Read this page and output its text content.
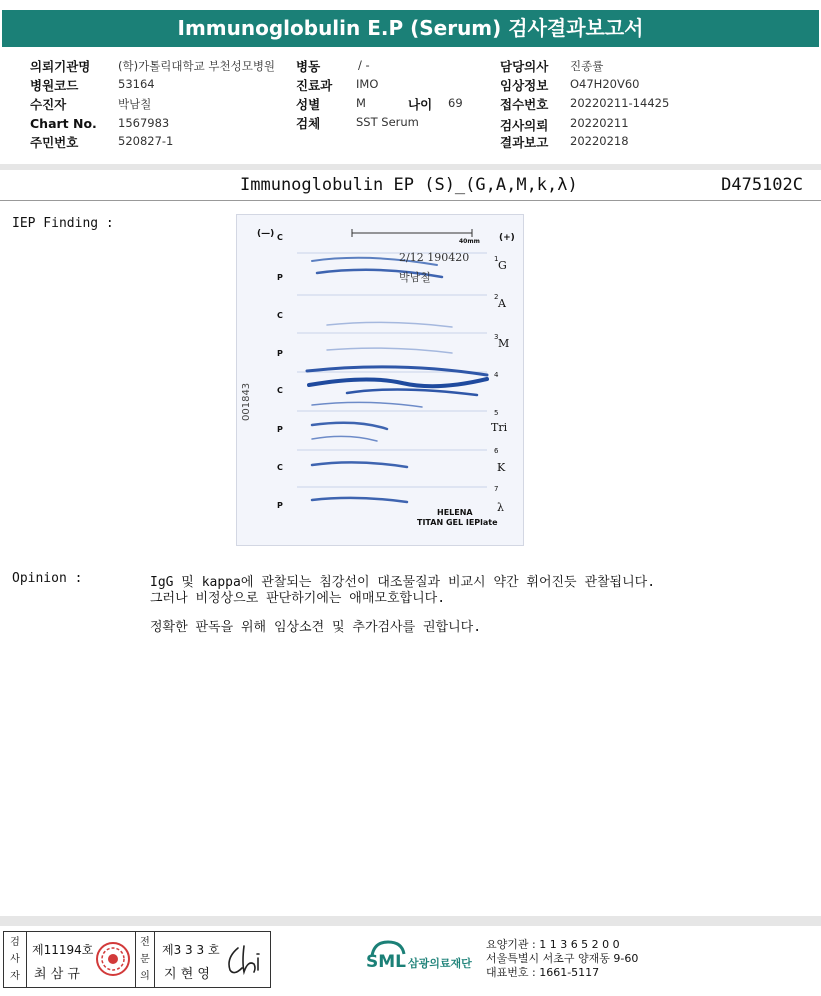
Immunoglobulin E.P (Serum) 검사결과보고서
의뢰기관명 (학)가톨릭대학교 부천성모병원 병동	/ -	담당의사 진종률
병원코드	53164	진료과 IMO	임상정보 O47H20V60
수진자	박남칠	성별	M	나이 69	접수번호 20220211-14425
Chart No. 1567983	검체	SST Serum	검사의뢰 20220211
주민번호	520827-1	결과보고 20220218
Immunoglobulin EP (S)_(G,A,M,k,λ)	D475102C
IEP Finding :
(—)	(+)
40mm
2/12 190420
박남칠
001843
C
P
C
P
C
P
C
P
1 G
2 A
3 M
4
5
Tri
6
K
7
λ
HELENA
TITAN GEL IEPlate
Opinion :	IgG 및 kappa에 관찰되는 침강선이 대조물질과 비교시 약간 휘어진듯 관찰됩니다.
그러나 비정상으로 판단하기에는 애매모호합니다.
정확한 판독을 위해 임상소견 및 추가검사를 권합니다.
검사자
제11194호
최 삼 규
전문의
제3 3 3 호
지 현 영
SML 삼광의료재단
요양기관 : 1 1 3 6 5 2 0 0
서울특별시 서초구 양재동 9-60
대표번호 : 1661-5117
